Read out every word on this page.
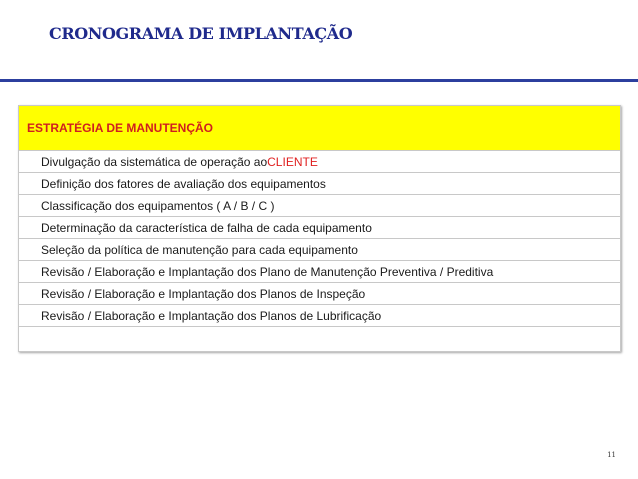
CRONOGRAMA DE IMPLANTAÇÃO
ESTRATÉGIA DE MANUTENÇÃO
Divulgação da sistemática de operação ao CLIENTE
Definição dos fatores de avaliação dos equipamentos
Classificação dos equipamentos ( A / B / C )
Determinação da característica de falha de cada equipamento
Seleção da política de manutenção para cada equipamento
Revisão / Elaboração e Implantação dos Plano de Manutenção Preventiva / Preditiva
Revisão / Elaboração e Implantação dos Planos de Inspeção
Revisão / Elaboração e Implantação dos Planos de Lubrificação
11
